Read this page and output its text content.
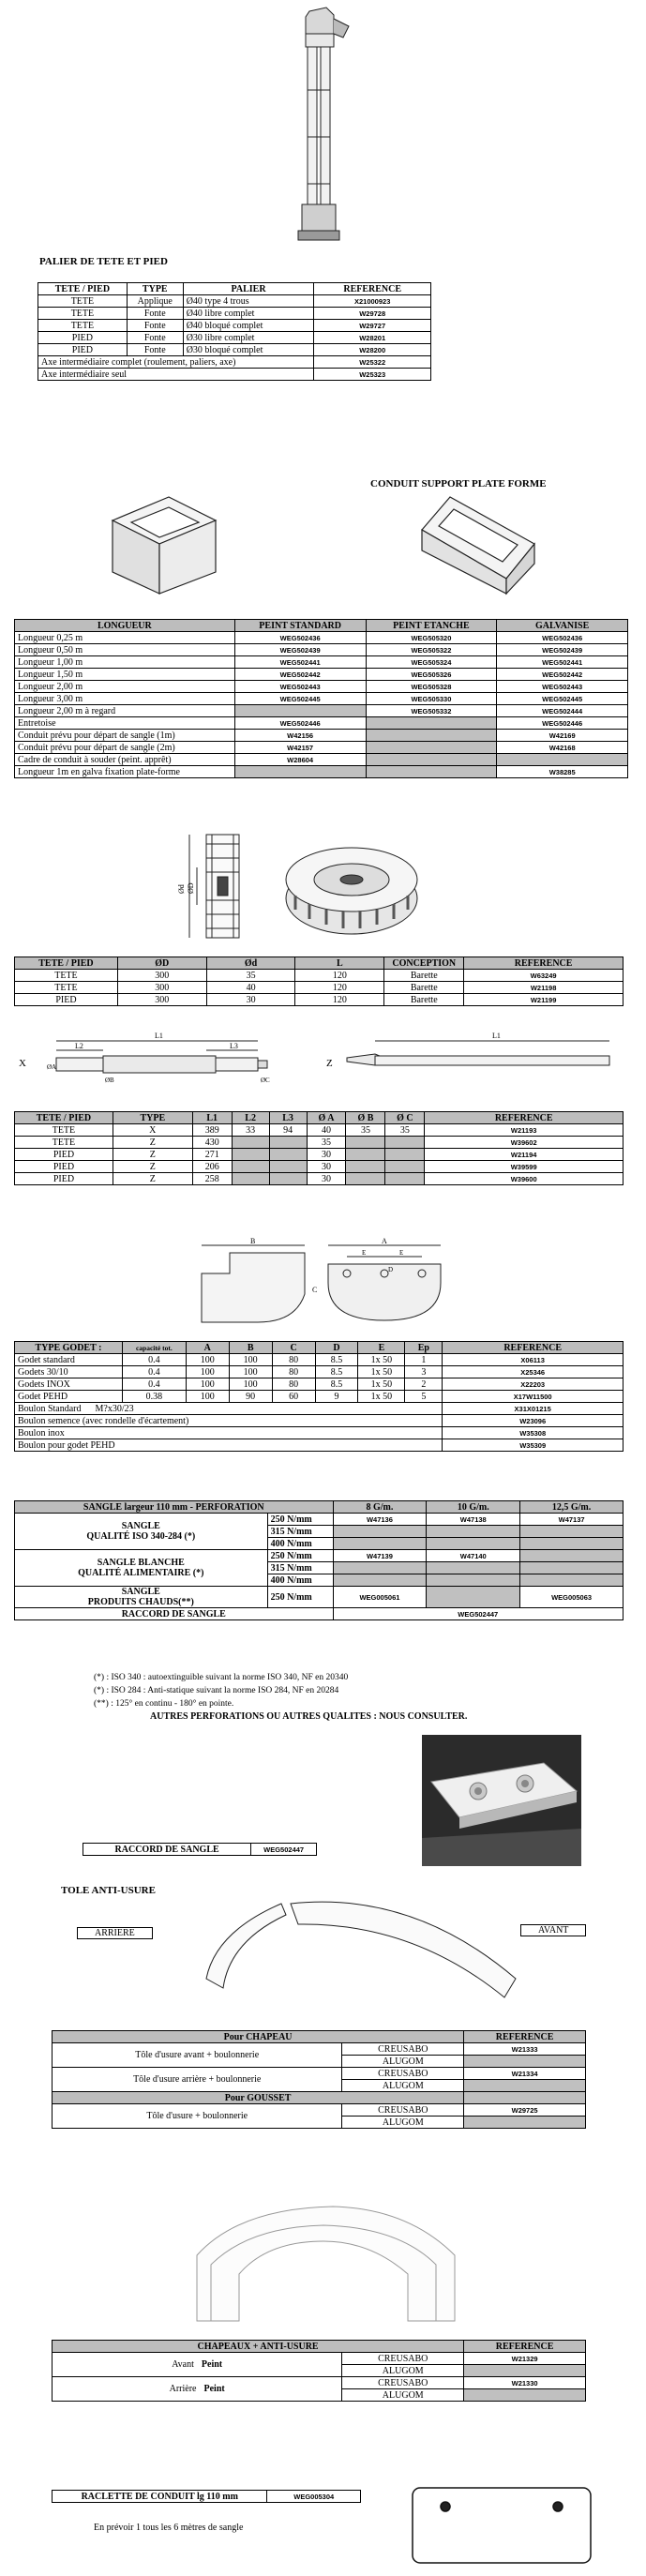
PALIER DE TETE ET PIED
TETE / PIED	TYPE	PALIER	REFERENCE
TETE	Applique	Ø40 type 4 trous	X21000923
TETE	Fonte	Ø40 libre complet	W29728
TETE	Fonte	Ø40 bloqué complet	W29727
PIED	Fonte	Ø30 libre complet	W28201
PIED	Fonte	Ø30 bloqué complet	W28200
Axe intermédiaire complet (roulement, paliers, axe)			W25322
Axe intermédiaire seul			W25323
CONDUIT SUPPORT PLATE FORME
LONGUEUR	PEINT STANDARD	PEINT ETANCHE	GALVANISE
Longueur 0,25 m	WEG502436	WEG505320	WEG502436
Longueur 0,50 m	WEG502439	WEG505322	WEG502439
Longueur 1,00 m	WEG502441	WEG505324	WEG502441
Longueur 1,50 m	WEG502442	WEG505326	WEG502442
Longueur 2,00 m	WEG502443	WEG505328	WEG502443
Longueur 3,00 m	WEG502445	WEG505330	WEG502445
Longueur 2,00 m à regard		WEG505332	WEG502444
Entretoise	WEG502446		WEG502446
Conduit prévu pour départ de sangle (1m)	W42156		W42169
Conduit prévu pour départ de sangle (2m)	W42157		W42168
Cadre de conduit à souder (peint. apprêt)	W28604		
Longueur 1m en galva fixation plate-forme			W38285
Ød ØD
TETE / PIED	ØD	Ød	L	CONCEPTION	REFERENCE
TETE	300	35	120	Barette	W63249
TETE	300	40	120	Barette	W21198
PIED	300	30	120	Barette	W21199
X
L1
L2	L3
ØA
ØB	ØC
Z
L1
TETE / PIED	TYPE	L1	L2	L3	Ø A	Ø B	Ø C	REFERENCE
TETE	X	389	33	94	40	35	35	W21193
TETE	Z	430			35			W39602
PIED	Z	271			30			W21194
PIED	Z	206			30			W39599
PIED	Z	258			30			W39600
B
C
A
E	E
D
TYPE GODET :	capacité tot.	A	B	C	D	E	Ep	REFERENCE
Godet standard	0.4	100	100	80	8.5	1x 50	1	X06113
Godets 30/10	0.4	100	100	80	8.5	1x 50	3	X25346
Godets INOX	0.4	100	100	80	8.5	1x 50	2	X22203
Godet PEHD	0.38	100	90	60	9	1x 50	5	X17W11500
Boulon Standard      M?x30/23								X31X01215
Boulon semence (avec rondelle d'écartement)								W23096
Boulon inox								W35308
Boulon pour godet PEHD								W35309
SANGLE largeur 110 mm - PERFORATION		8 G/m.	10 G/m.	12,5 G/m.

SANGLE
QUALITÉ ISO 340-284 (*)	250 N/mm	W47136	W47138	W47137
	315 N/mm			
	400 N/mm			

SANGLE BLANCHE
QUALITÉ ALIMENTAIRE (*)	250 N/mm	W47139	W47140	
	315 N/mm			
	400 N/mm			

SANGLE
PRODUITS CHAUDS(**)	250 N/mm	WEG005061		WEG005063
RACCORD DE SANGLE		WEG502447		
(*) : ISO 340 : autoextinguible suivant la norme ISO 340, NF en 20340
(*) : ISO 284 : Anti-statique suivant la norme ISO 284, NF en 20284
(**) : 125° en continu - 180° en pointe.
AUTRES PERFORATIONS OU AUTRES QUALITES : NOUS CONSULTER.
RACCORD DE SANGLE	WEG502447
TOLE ANTI-USURE
ARRIERE	AVANT
Pour CHAPEAU		REFERENCE
Tôle d'usure avant + boulonnerie	CREUSABO	W21333
	ALUGOM	
Tôle d'usure arrière + boulonnerie	CREUSABO	W21334
	ALUGOM	
Pour GOUSSET		
Tôle d'usure + boulonnerie	CREUSABO	W29725
	ALUGOM	
CHAPEAUX + ANTI-USURE		REFERENCE
Avant Peint	CREUSABO	W21329
	ALUGOM	
Arrière Peint	CREUSABO	W21330
	ALUGOM	
RACLETTE DE CONDUIT lg 110 mm	WEG005304
En prévoir 1 tous les 6 mètres de sangle
